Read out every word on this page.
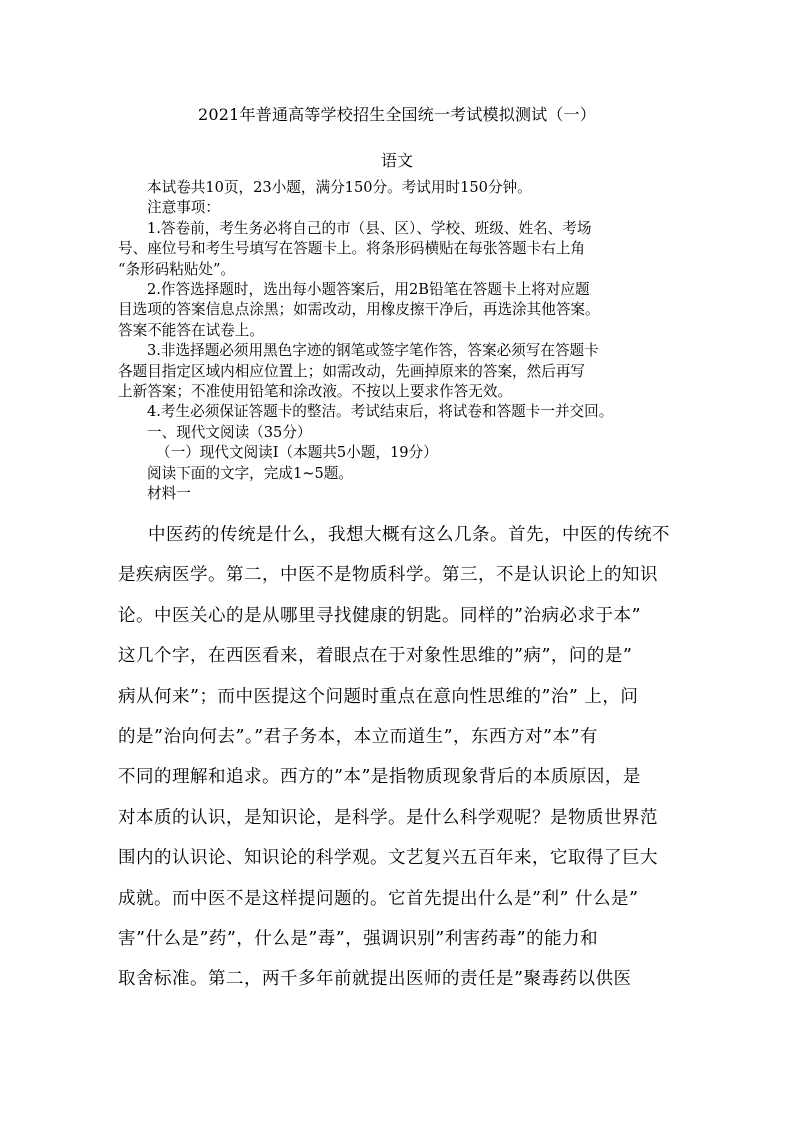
2021年普通高等学校招生全国统一考试模拟测试（一）
语文

本试卷共10页，23小题，满分150分。考试用时150分钟。

注意事项：

1.答卷前，考生务必将自己的市（县、区）、学校、班级、姓名、考场

号、座位号和考生号填写在答题卡上。将条形码横贴在每张答题卡右上角

“条形码粘贴处”。

2.作答选择题时，选出每小题答案后，用2B铅笔在答题卡上将对应题

目选项的答案信息点涂黑；如需改动，用橡皮擦干净后，再选涂其他答案。

答案不能答在试卷上。

3.非选择题必须用黑色字迹的钢笔或签字笔作答，答案必须写在答题卡

各题目指定区域内相应位置上；如需改动，先画掉原来的答案，然后再写

上新答案；不准使用铅笔和涂改液。不按以上要求作答无效。

4.考生必须保证答题卡的整洁。考试结束后，将试卷和答题卡一并交回。

一、现代文阅读（35分）

（一）现代文阅读Ⅰ（本题共5小题，19分）

阅读下面的文字，完成1~5题。

材料一

中医药的传统是什么，我想大概有这么几条。首先，中医的传统不

是疾病医学。第二，中医不是物质科学。第三，不是认识论上的知识

论。中医关心的是从哪里寻找健康的钥匙。同样的”治病必求于本”

这几个字，在西医看来，着眼点在于对象性思维的”病”，问的是”

病从何来”；而中医提这个问题时重点在意向性思维的”治” 上，问

的是”治向何去”。”君子务本，本立而道生”，东西方对”本”有

不同的理解和追求。西方的”本”是指物质现象背后的本质原因，是

对本质的认识，是知识论，是科学。是什么科学观呢？是物质世界范

围内的认识论、知识论的科学观。文艺复兴五百年来，它取得了巨大

成就。而中医不是这样提问题的。它首先提出什么是”利” 什么是”

害”什么是”药”，什么是”毒”，强调识别”利害药毒”的能力和

取舍标准。第二，两千多年前就提出医师的责任是”聚毒药以供医
